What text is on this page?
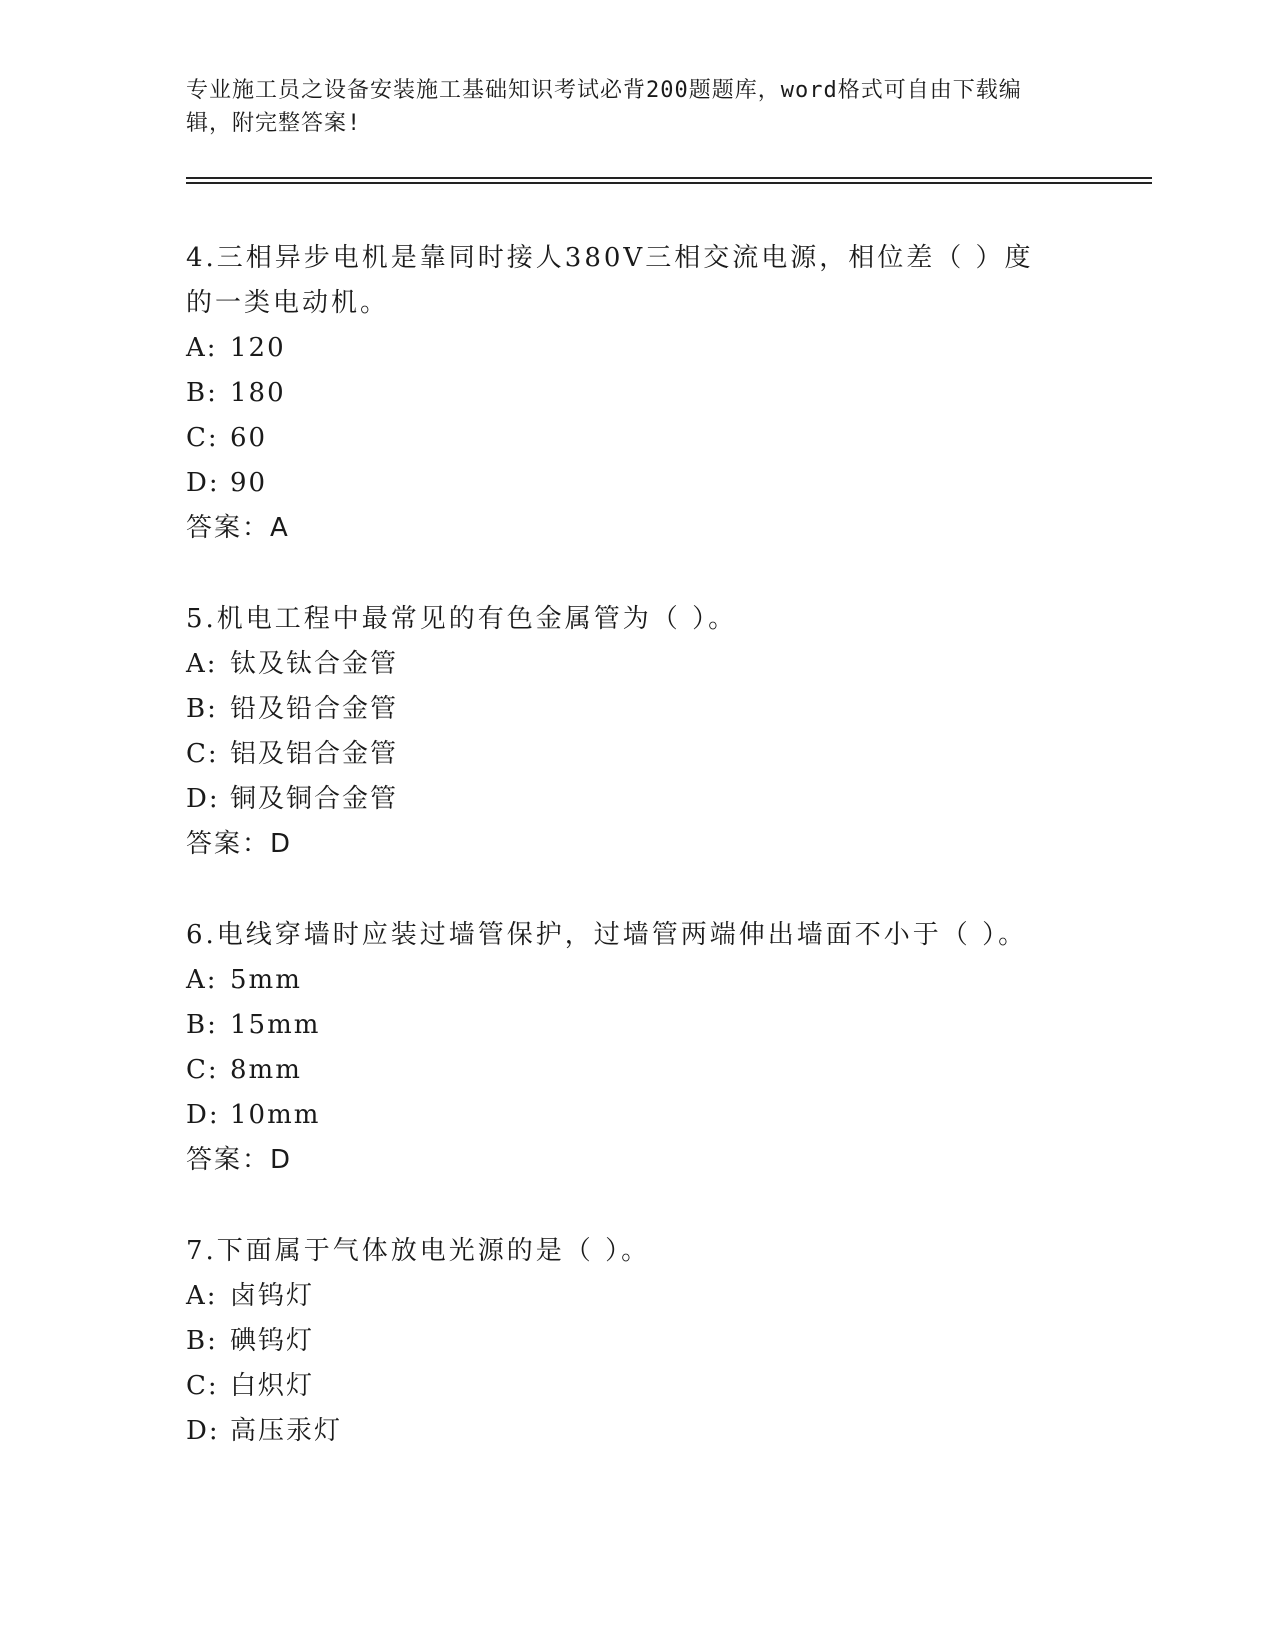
专业施工员之设备安装施工基础知识考试必背200题题库，word格式可自由下载编辑，附完整答案!

4.三相异步电机是靠同时接人380V三相交流电源，相位差（ ）度的一类电动机。

A: 120
B: 180
C: 60
D: 90
答案：A

5.机电工程中最常见的有色金属管为（ ）。

A: 钛及钛合金管
B: 铅及铅合金管
C: 铝及铝合金管
D: 铜及铜合金管
答案：D

6.电线穿墙时应装过墙管保护，过墙管两端伸出墙面不小于（ ）。

A: 5mm
B: 15mm
C: 8mm
D: 10mm
答案：D

7.下面属于气体放电光源的是（ ）。

A: 卤钨灯
B: 碘钨灯
C: 白炽灯
D: 高压汞灯
